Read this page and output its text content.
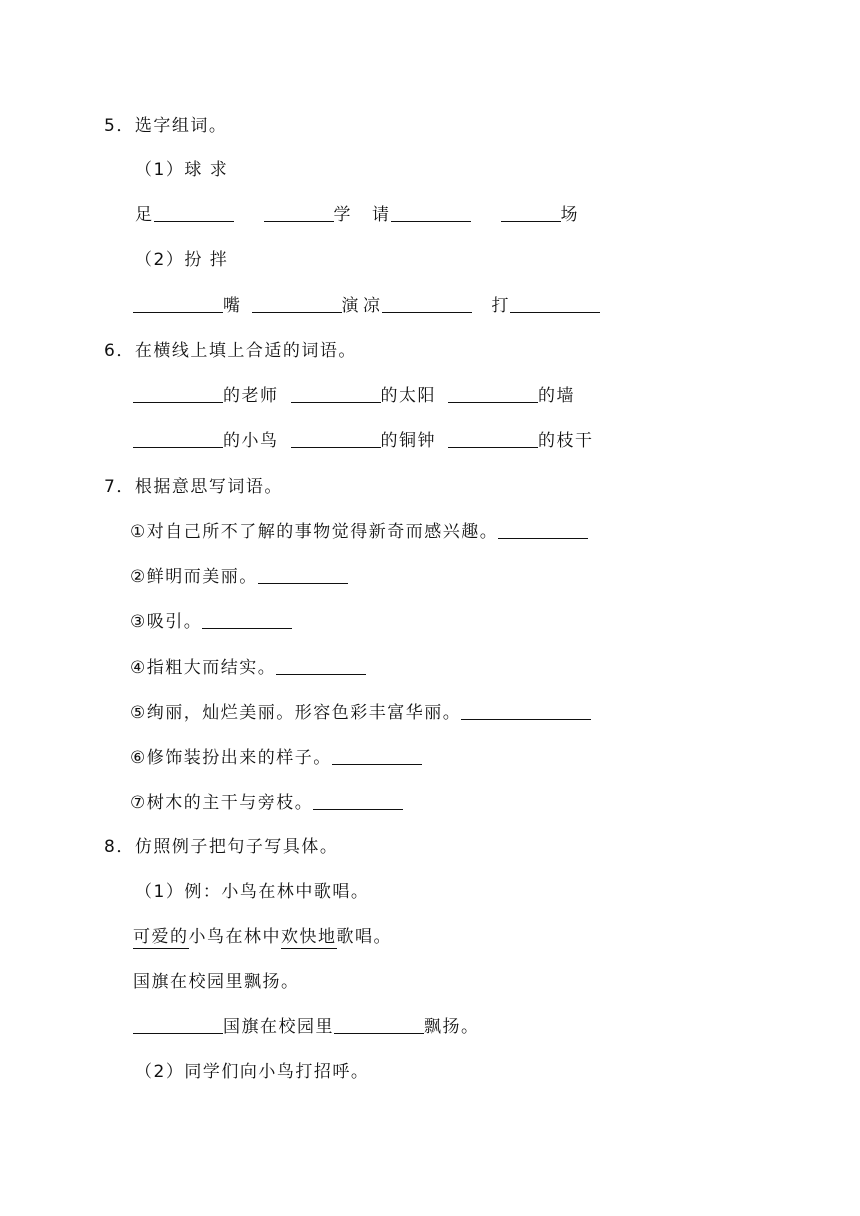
5．选字组词。
（1）球 求
足	学 请	场
（2）扮 拌
嘴	演 凉	打
6．在横线上填上合适的词语。
的老师	的太阳	的墙
的小鸟	的铜钟	的枝干
7．根据意思写词语。
①对自己所不了解的事物觉得新奇而感兴趣。
②鲜明而美丽。
③吸引。
④指粗大而结实。
⑤绚丽，灿烂美丽。形容色彩丰富华丽。
⑥修饰装扮出来的样子。
⑦树木的主干与旁枝。
8．仿照例子把句子写具体。
（1）例：小鸟在林中歌唱。
可爱的小鸟在林中欢快地歌唱。
国旗在校园里飘扬。
国旗在校园里	飘扬。
（2）同学们向小鸟打招呼。
